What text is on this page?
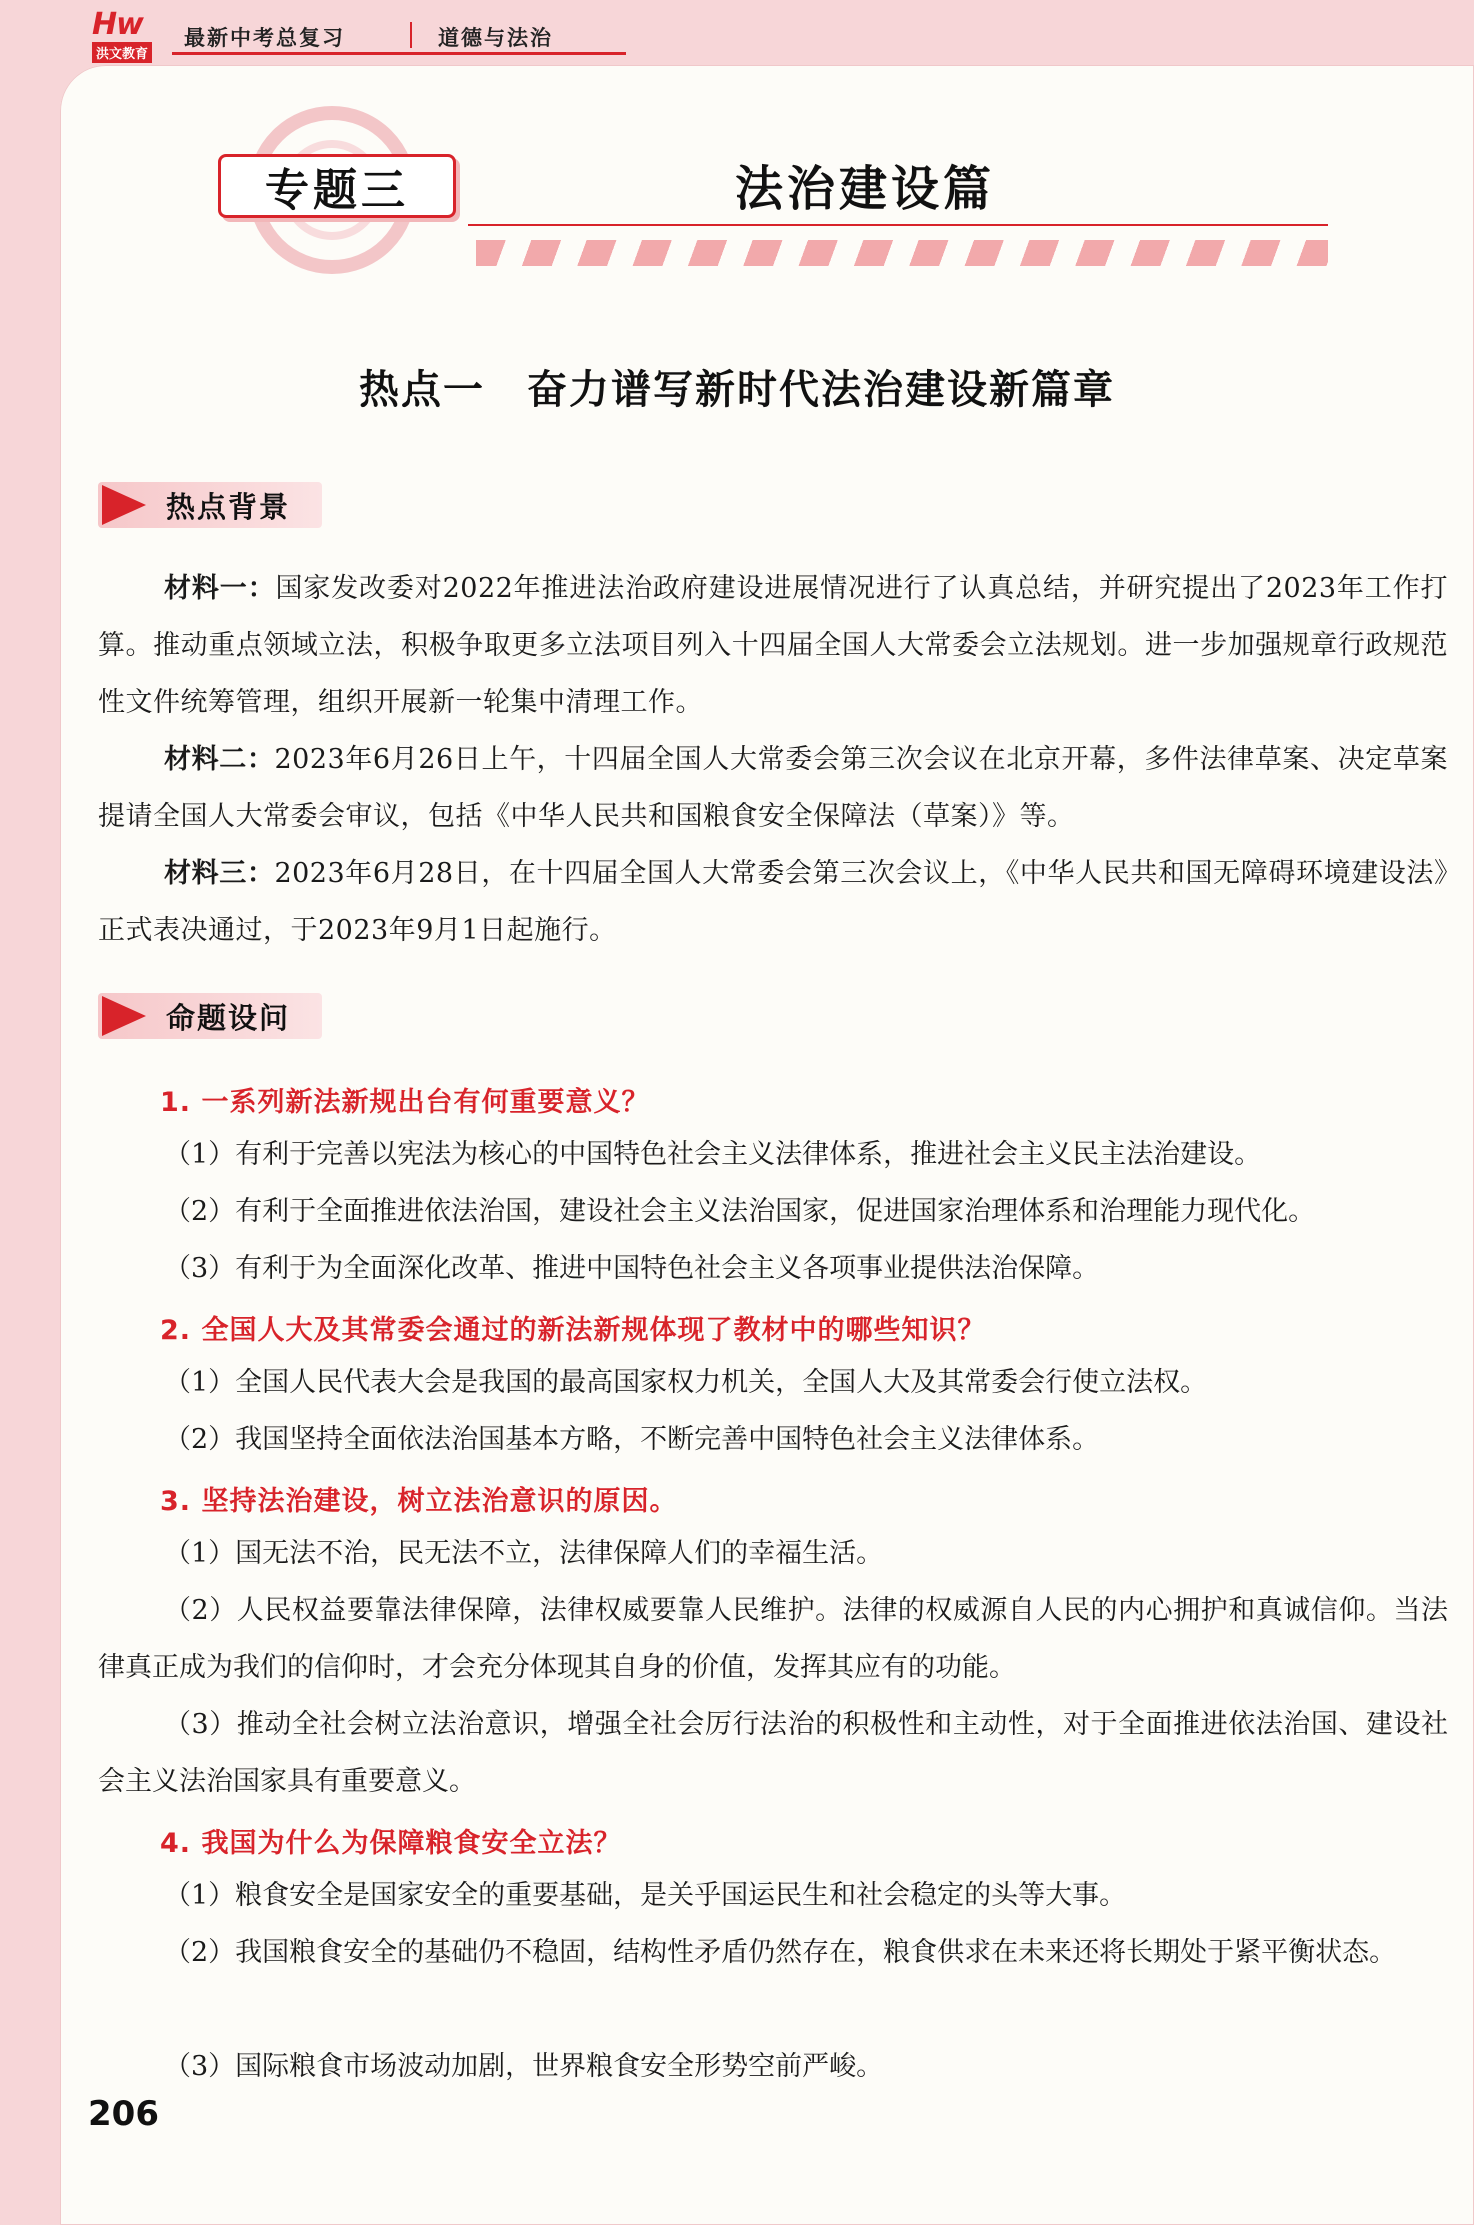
Hw
洪文教育
最新中考总复习	道德与法治
专题三	法治建设篇
热点一　奋力谱写新时代法治建设新篇章
热点背景
材料一：国家发改委对2022年推进法治政府建设进展情况进行了认真总结，并研究提出了2023年工作打算。推动重点领域立法，积极争取更多立法项目列入十四届全国人大常委会立法规划。进一步加强规章行政规范性文件统筹管理，组织开展新一轮集中清理工作。
材料二：2023年6月26日上午，十四届全国人大常委会第三次会议在北京开幕，多件法律草案、决定草案提请全国人大常委会审议，包括《中华人民共和国粮食安全保障法（草案）》等。
材料三：2023年6月28日，在十四届全国人大常委会第三次会议上，《中华人民共和国无障碍环境建设法》正式表决通过，于2023年9月1日起施行。
命题设问
1. 一系列新法新规出台有何重要意义？
（1）有利于完善以宪法为核心的中国特色社会主义法律体系，推进社会主义民主法治建设。
（2）有利于全面推进依法治国，建设社会主义法治国家，促进国家治理体系和治理能力现代化。
（3）有利于为全面深化改革、推进中国特色社会主义各项事业提供法治保障。
2. 全国人大及其常委会通过的新法新规体现了教材中的哪些知识？
（1）全国人民代表大会是我国的最高国家权力机关，全国人大及其常委会行使立法权。
（2）我国坚持全面依法治国基本方略，不断完善中国特色社会主义法律体系。
3. 坚持法治建设，树立法治意识的原因。
（1）国无法不治，民无法不立，法律保障人们的幸福生活。
（2）人民权益要靠法律保障，法律权威要靠人民维护。法律的权威源自人民的内心拥护和真诚信仰。当法律真正成为我们的信仰时，才会充分体现其自身的价值，发挥其应有的功能。
（3）推动全社会树立法治意识，增强全社会厉行法治的积极性和主动性，对于全面推进依法治国、建设社会主义法治国家具有重要意义。
4. 我国为什么为保障粮食安全立法？
（1）粮食安全是国家安全的重要基础，是关乎国运民生和社会稳定的头等大事。
（2）我国粮食安全的基础仍不稳固，结构性矛盾仍然存在，粮食供求在未来还将长期处于紧平衡状态。
（3）国际粮食市场波动加剧，世界粮食安全形势空前严峻。
206
